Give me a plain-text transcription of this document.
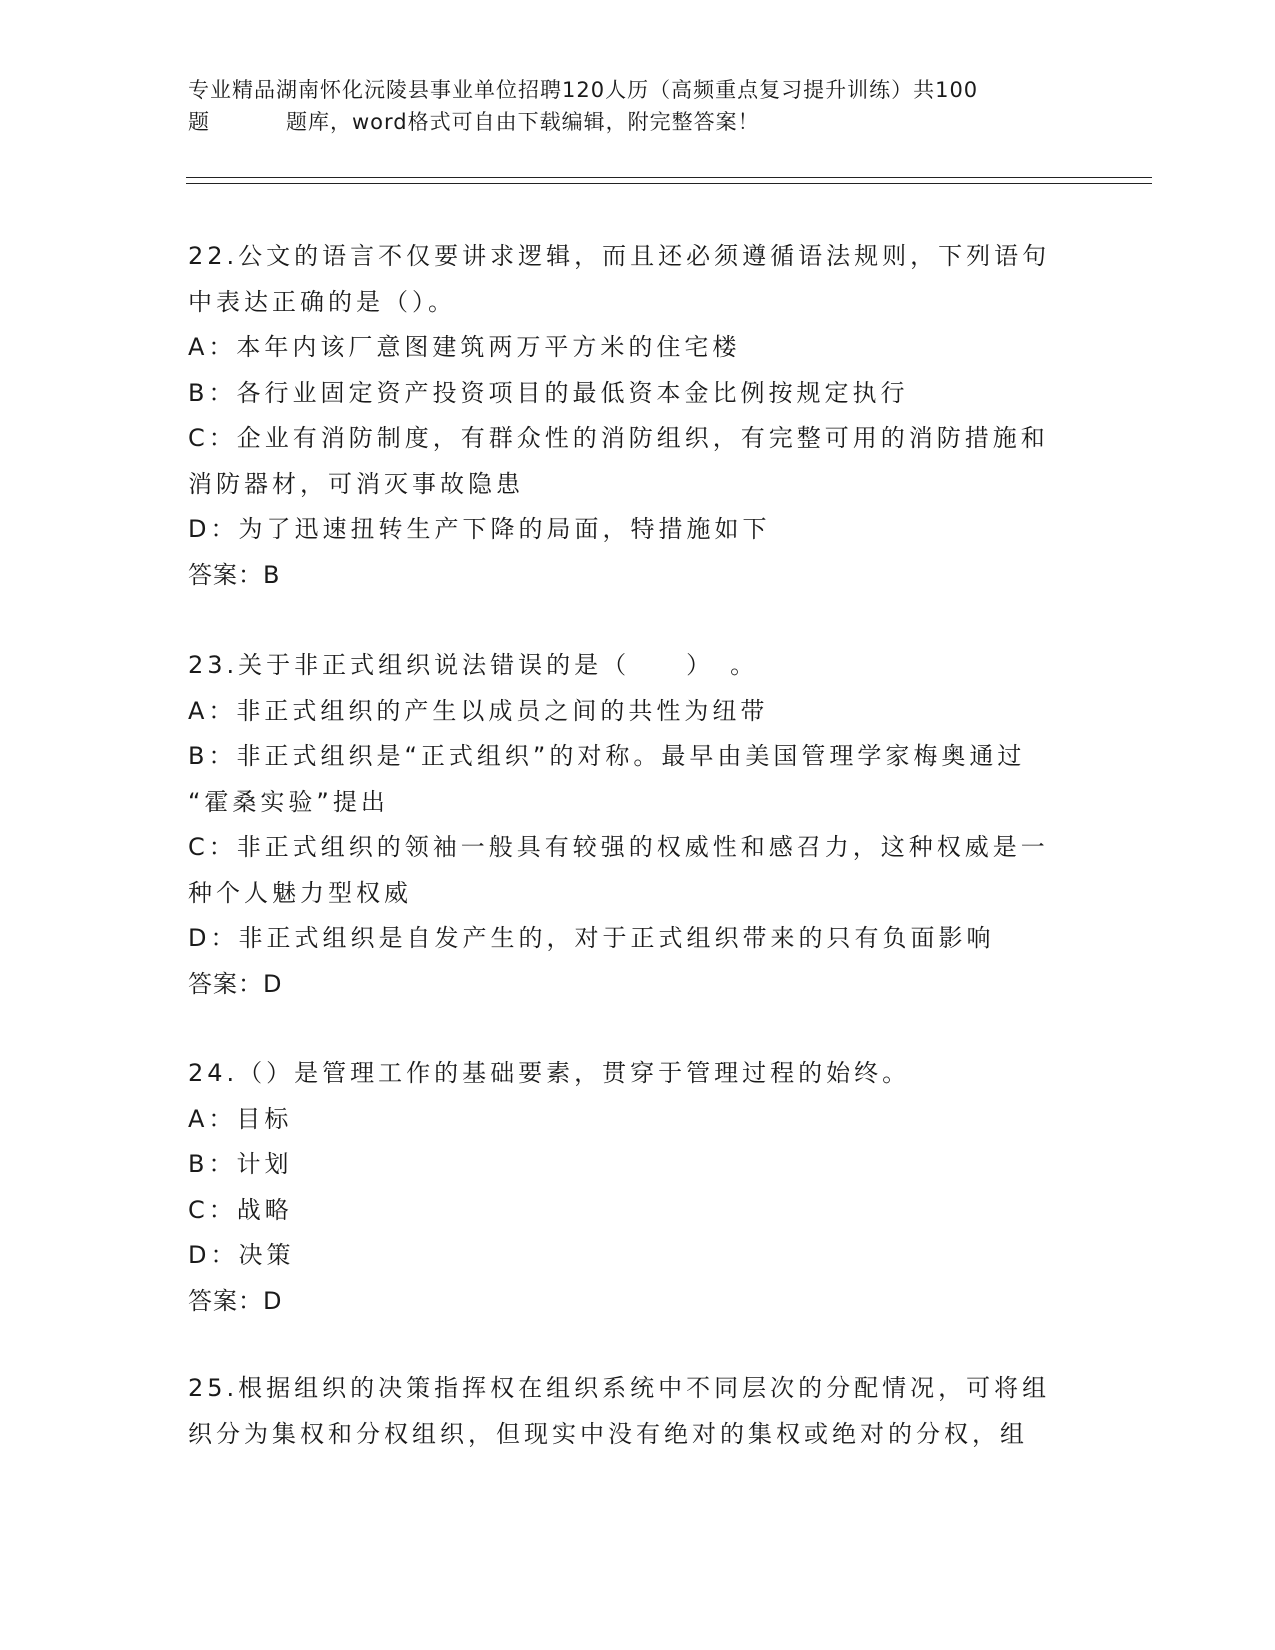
专业精品湖南怀化沅陵县事业单位招聘120人历（高频重点复习提升训练）共100
题	题库，word格式可自由下载编辑，附完整答案！
22.公文的语言不仅要讲求逻辑，而且还必须遵循语法规则，下列语句
中表达正确的是（）。
A：本年内该厂意图建筑两万平方米的住宅楼
B：各行业固定资产投资项目的最低资本金比例按规定执行
C：企业有消防制度，有群众性的消防组织，有完整可用的消防措施和
消防器材，可消灭事故隐患
D：为了迅速扭转生产下降的局面，特措施如下
答案：B
23.关于非正式组织说法错误的是（　　）　。
A：非正式组织的产生以成员之间的共性为纽带
B：非正式组织是“正式组织”的对称。最早由美国管理学家梅奥通过
“霍桑实验”提出
C：非正式组织的领袖一般具有较强的权威性和感召力，这种权威是一
种个人魅力型权威
D：非正式组织是自发产生的，对于正式组织带来的只有负面影响
答案：D
24.（）是管理工作的基础要素，贯穿于管理过程的始终。
A：目标
B：计划
C：战略
D：决策
答案：D
25.根据组织的决策指挥权在组织系统中不同层次的分配情况，可将组
织分为集权和分权组织，但现实中没有绝对的集权或绝对的分权，组
